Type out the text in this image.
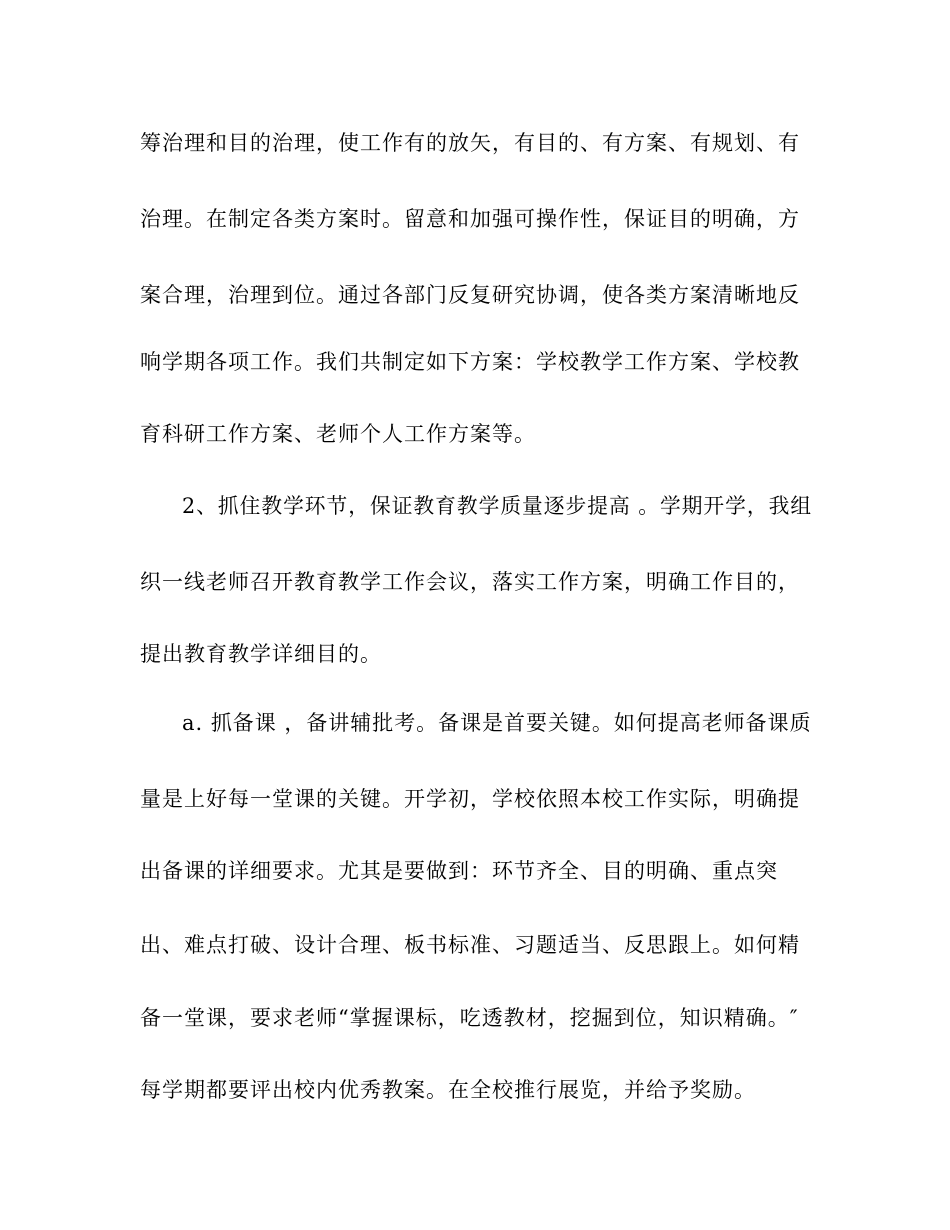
筹治理和目的治理，使工作有的放矢，有目的、有方案、有规划、有
治理。在制定各类方案时。留意和加强可操作性，保证目的明确，方
案合理，治理到位。通过各部门反复研究协调，使各类方案清晰地反
响学期各项工作。我们共制定如下方案：学校教学工作方案、学校教
育科研工作方案、老师个人工作方案等。
2、抓住教学环节，保证教育教学质量逐步提高 。学期开学，我组
织一线老师召开教育教学工作会议，落实工作方案，明确工作目的，
提出教育教学详细目的。
a. 抓备课 ，备讲辅批考。备课是首要关键。如何提高老师备课质
量是上好每一堂课的关键。开学初，学校依照本校工作实际，明确提
出备课的详细要求。尤其是要做到：环节齐全、目的明确、重点突
出、难点打破、设计合理、板书标准、习题适当、反思跟上。如何精
备一堂课，要求老师“掌握课标，吃透教材，挖掘到位，知识精确。″
每学期都要评出校内优秀教案。在全校推行展览，并给予奖励。
